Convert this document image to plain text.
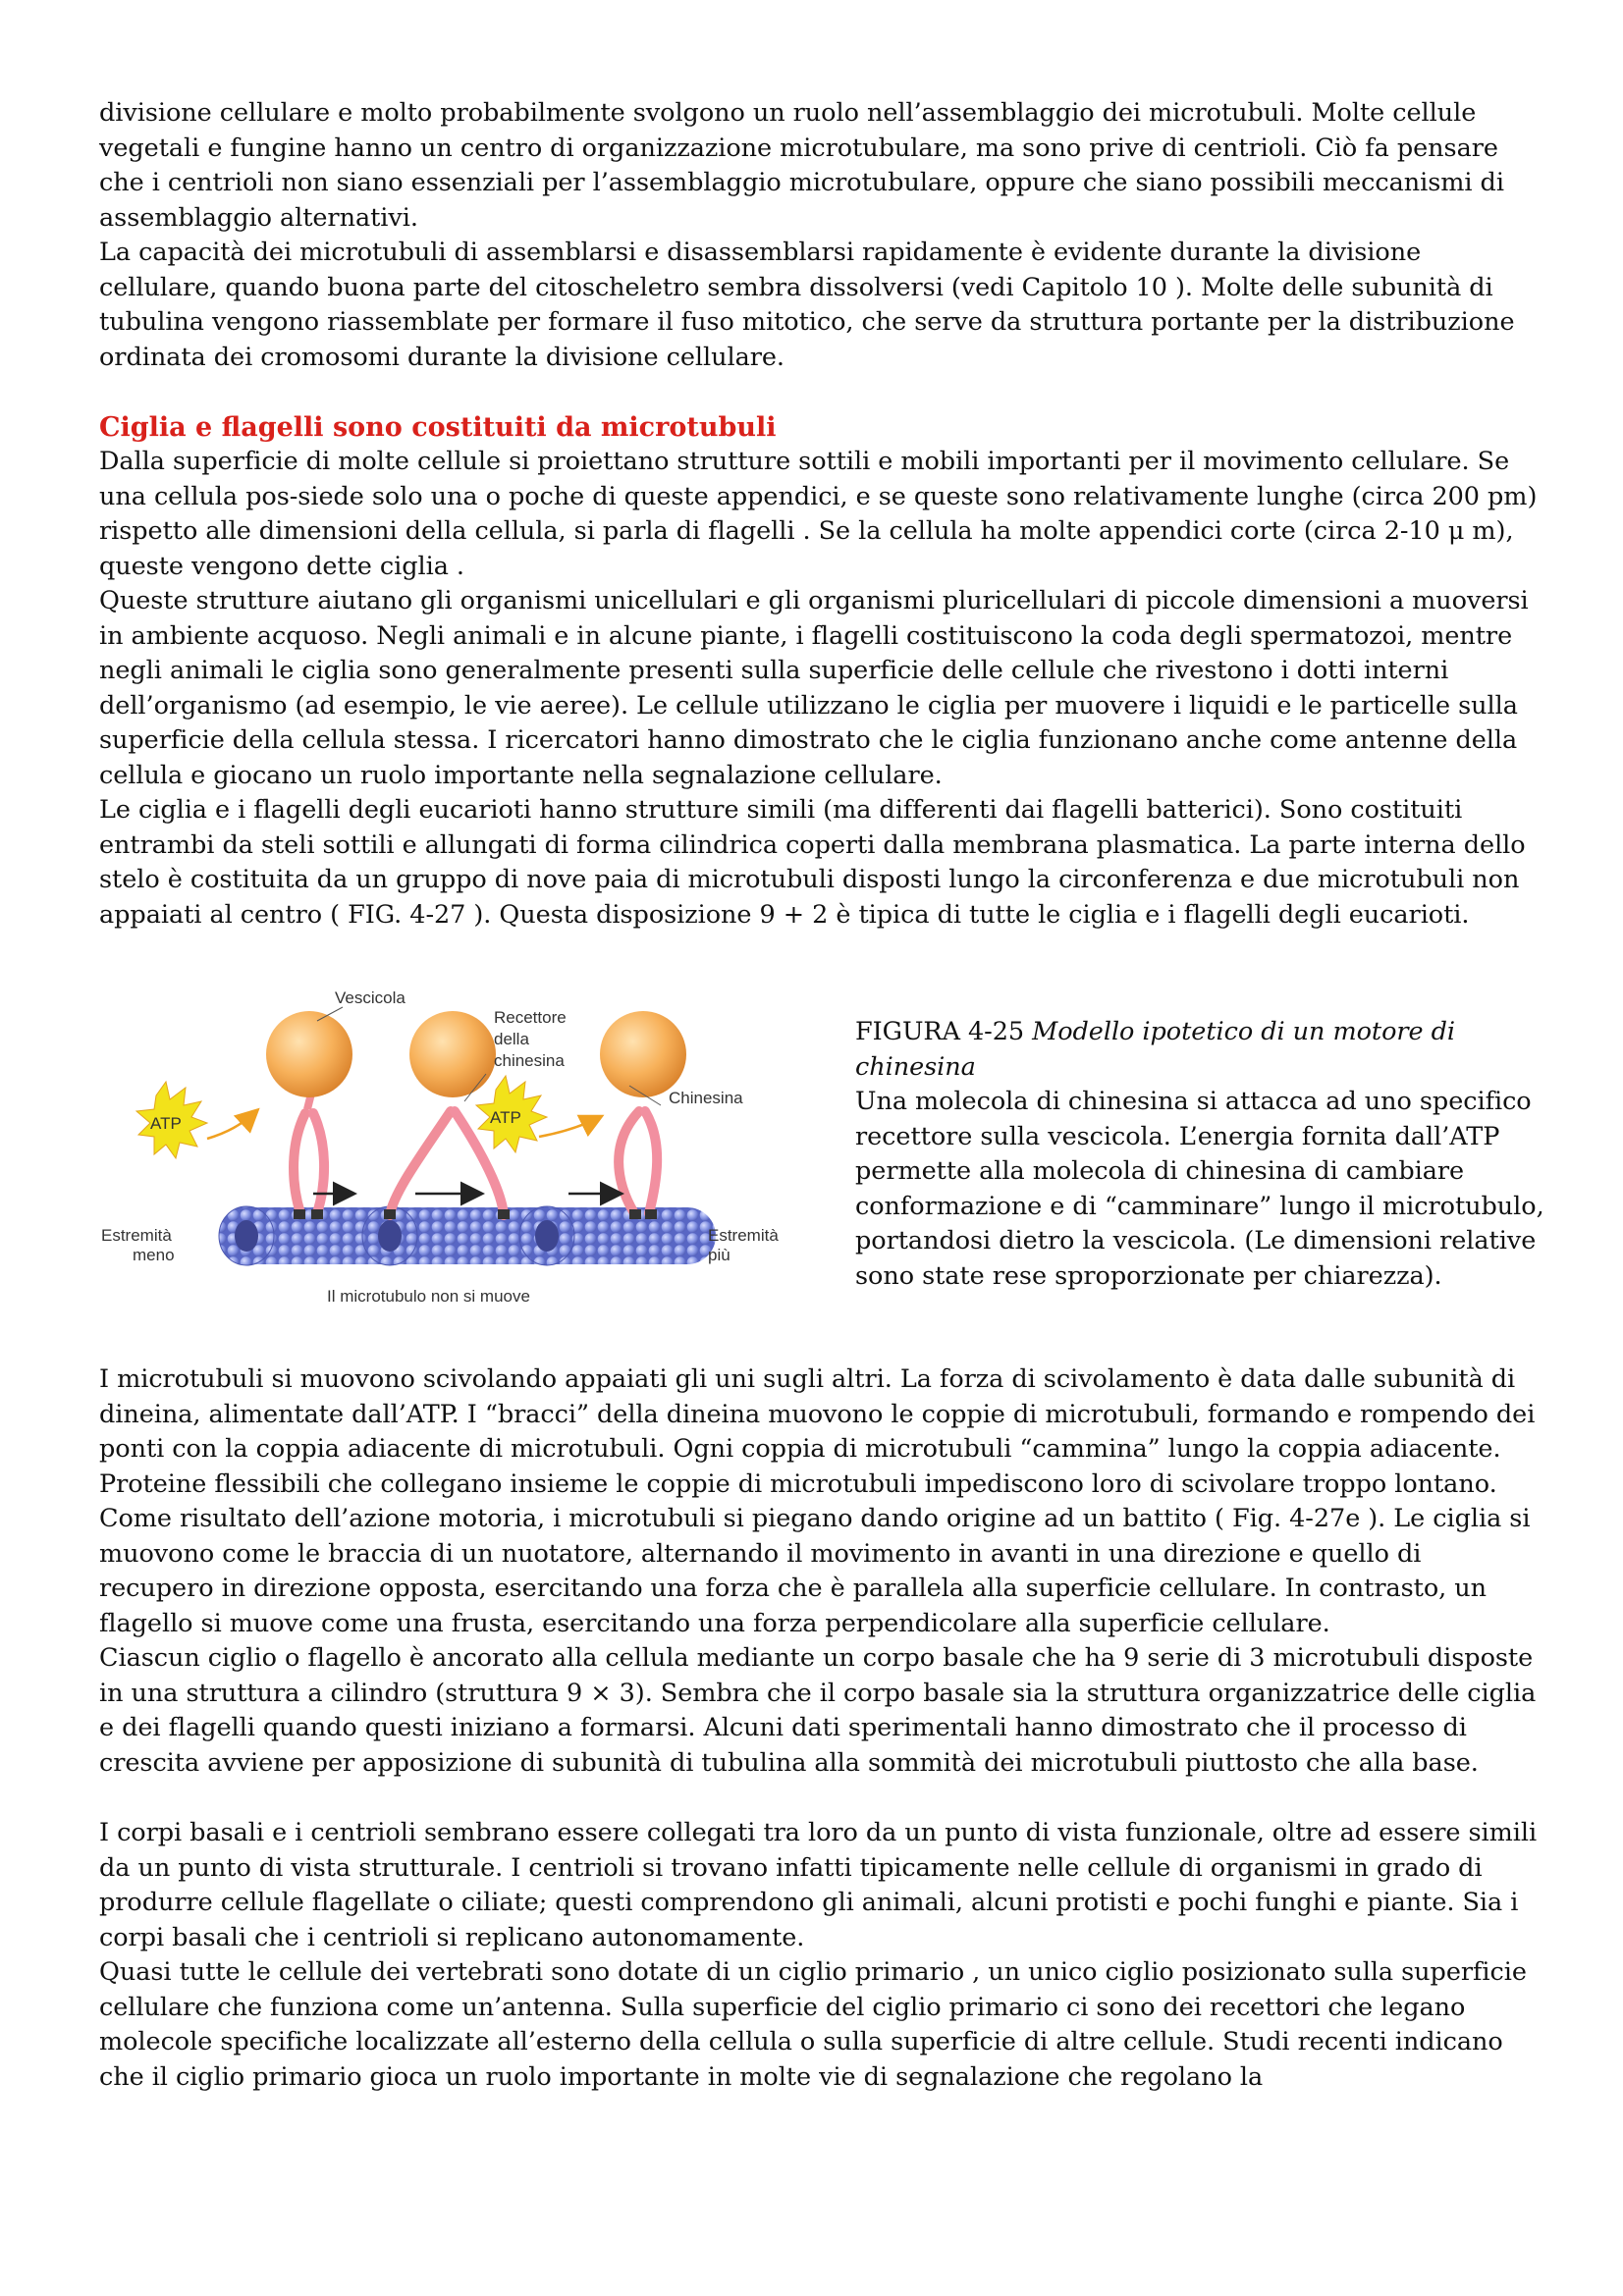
divisione cellulare e molto probabilmente svolgono un ruolo nell’assemblaggio dei microtubuli. Molte cellule vegetali e fungine hanno un centro di organizzazione microtubulare, ma sono prive di centrioli. Ciò fa pensare che i centrioli non siano essenziali per l’assemblaggio microtubulare, oppure che siano possibili meccanismi di assemblaggio alternativi.

La capacità dei microtubuli di assemblarsi e disassemblarsi rapidamente è evidente durante la divisione cellulare, quando buona parte del citoscheletro sembra dissolversi (vedi Capitolo 10 ). Molte delle subunità di tubulina vengono riassemblate per formare il fuso mitotico, che serve da struttura portante per la distribuzione ordinata dei cromosomi durante la divisione cellulare.

Ciglia e flagelli sono costituiti da microtubuli

Dalla superficie di molte cellule si proiettano strutture sottili e mobili importanti per il movimento cellulare. Se una cellula pos-siede solo una o poche di queste appendici, e se queste sono relativamente lunghe (circa 200 pm) rispetto alle dimensioni della cellula, si parla di flagelli . Se la cellula ha molte appendici corte (circa 2-10 μ m), queste vengono dette ciglia .

Queste strutture aiutano gli organismi unicellulari e gli organismi pluricellulari di piccole dimensioni a muoversi in ambiente acquoso. Negli animali e in alcune piante, i flagelli costituiscono la coda degli spermatozoi, mentre negli animali le ciglia sono generalmente presenti sulla superficie delle cellule che rivestono i dotti interni dell’organismo (ad esempio, le vie aeree). Le cellule utilizzano le ciglia per muovere i liquidi e le particelle sulla superficie della cellula stessa. I ricercatori hanno dimostrato che le ciglia funzionano anche come antenne della cellula e giocano un ruolo importante nella segnalazione cellulare.

Le ciglia e i flagelli degli eucarioti hanno strutture simili (ma differenti dai flagelli batterici). Sono costituiti entrambi da steli sottili e allungati di forma cilindrica coperti dalla membrana plasmatica. La parte interna dello stelo è costituita da un gruppo di nove paia di microtubuli disposti lungo la circonferenza e due microtubuli non appaiati al centro ( FIG. 4-27 ). Questa disposizione 9 + 2 è tipica di tutte le ciglia e i flagelli degli eucarioti.

ATP	ATP
Vescicola
Recettore
della
chinesina
Chinesina
Estremità
meno
Estremità
più
Il microtubulo non si muove

FIGURA 4-25 Modello ipotetico di un motore di chinesina

Una molecola di chinesina si attacca ad uno specifico recettore sulla vescicola. L’energia fornita dall’ATP permette alla molecola di chinesina di cambiare conformazione e di “camminare” lungo il microtubulo, portandosi dietro la vescicola. (Le dimensioni relative sono state rese sproporzionate per chiarezza).

I microtubuli si muovono scivolando appaiati gli uni sugli altri. La forza di scivolamento è data dalle subunità di dineina, alimentate dall’ATP. I “bracci” della dineina muovono le coppie di microtubuli, formando e rompendo dei ponti con la coppia adiacente di microtubuli. Ogni coppia di microtubuli “cammina” lungo la coppia adiacente. Proteine flessibili che collegano insieme le coppie di microtubuli impediscono loro di scivolare troppo lontano. Come risultato dell’azione motoria, i microtubuli si piegano dando origine ad un battito ( Fig. 4-27e ). Le ciglia si muovono come le braccia di un nuotatore, alternando il movimento in avanti in una direzione e quello di recupero in direzione opposta, esercitando una forza che è parallela alla superficie cellulare. In contrasto, un flagello si muove come una frusta, esercitando una forza perpendicolare alla superficie cellulare.

Ciascun ciglio o flagello è ancorato alla cellula mediante un corpo basale che ha 9 serie di 3 microtubuli disposte in una struttura a cilindro (struttura 9 × 3). Sembra che il corpo basale sia la struttura organizzatrice delle ciglia e dei flagelli quando questi iniziano a formarsi. Alcuni dati sperimentali hanno dimostrato che il processo di crescita avviene per apposizione di subunità di tubulina alla sommità dei microtubuli piuttosto che alla base.

I corpi basali e i centrioli sembrano essere collegati tra loro da un punto di vista funzionale, oltre ad essere simili da un punto di vista strutturale. I centrioli si trovano infatti tipicamente nelle cellule di organismi in grado di produrre cellule flagellate o ciliate; questi comprendono gli animali, alcuni protisti e pochi funghi e piante. Sia i corpi basali che i centrioli si replicano autonomamente.

Quasi tutte le cellule dei vertebrati sono dotate di un ciglio primario , un unico ciglio posizionato sulla superficie cellulare che funziona come un’antenna. Sulla superficie del ciglio primario ci sono dei recettori che legano molecole specifiche localizzate all’esterno della cellula o sulla superficie di altre cellule. Studi recenti indicano che il ciglio primario gioca un ruolo importante in molte vie di segnalazione che regolano la
